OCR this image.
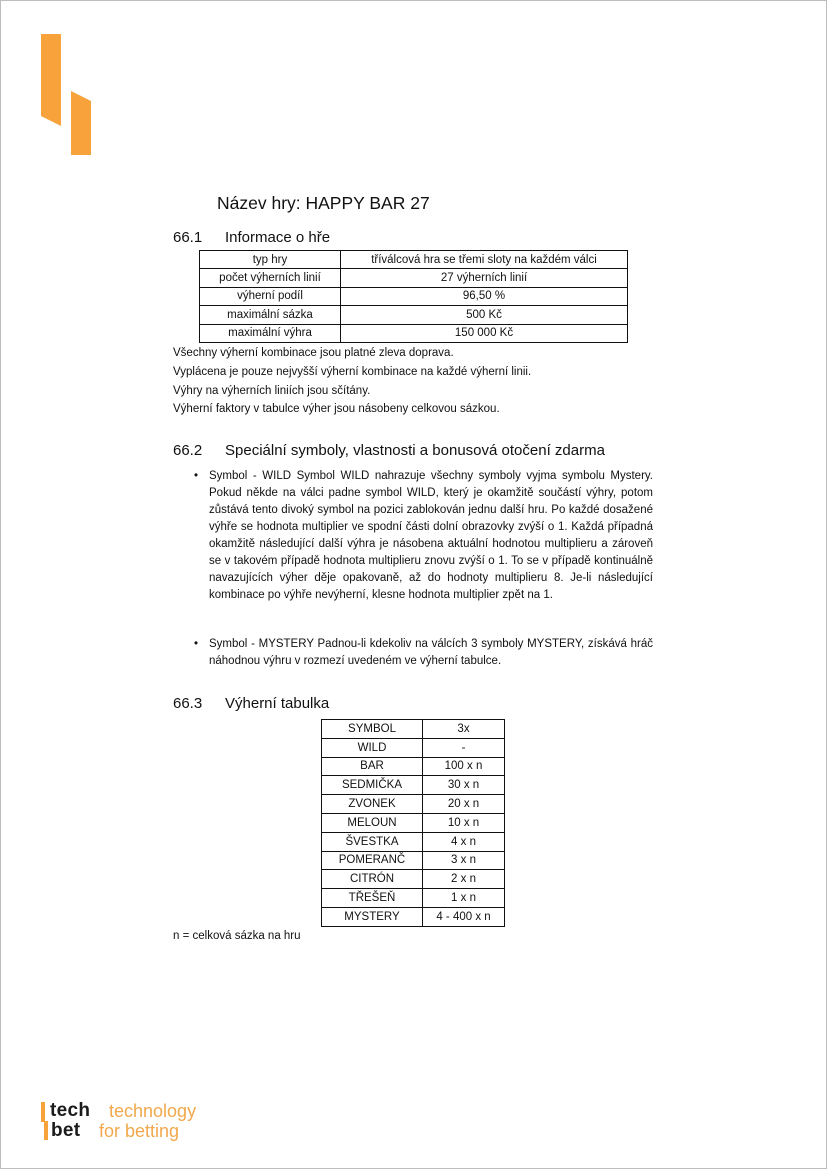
Název hry: HAPPY BAR 27
66.1 Informace o hře
typ hry	tříválcová hra se třemi sloty na každém válci
počet výherních linií	27 výherních linií
výherní podíl	96,50 %
maximální sázka	500 Kč
maximální výhra	150 000 Kč
Všechny výherní kombinace jsou platné zleva doprava.
Vyplácena je pouze nejvyšší výherní kombinace na každé výherní linii.
Výhry na výherních liniích jsou sčítány.
Výherní faktory v tabulce výher jsou násobeny celkovou sázkou.
66.2 Speciální symboly, vlastnosti a bonusová otočení zdarma
• Symbol - WILD Symbol WILD nahrazuje všechny symboly vyjma symbolu Mystery. Pokud někde na válci padne symbol WILD, který je okamžitě součástí výhry, potom zůstává tento divoký symbol na pozici zablokován jednu další hru. Po každé dosažené výhře se hodnota multiplier ve spodní části dolní obrazovky zvýší o 1. Každá případná okamžitě následující další výhra je násobena aktuální hodnotou multiplieru a zároveň se v takovém případě hodnota multiplieru znovu zvýší o 1. To se v případě kontinuálně navazujících výher děje opakovaně, až do hodnoty multiplieru 8. Je-li následující kombinace po výhře nevýherní, klesne hodnota multiplier zpět na 1.
• Symbol - MYSTERY Padnou-li kdekoliv na válcích 3 symboly MYSTERY, získává hráč náhodnou výhru v rozmezí uvedeném ve výherní tabulce.
66.3 Výherní tabulka
SYMBOL	3x
WILD	-
BAR	100 x n
SEDMIČKA	30 x n
ZVONEK	20 x n
MELOUN	10 x n
ŠVESTKA	4 x n
POMERANČ	3 x n
CITRÓN	2 x n
TŘEŠEŇ	1 x n
MYSTERY	4 - 400 x n
n = celková sázka na hru
tech
bet
technology
for betting
